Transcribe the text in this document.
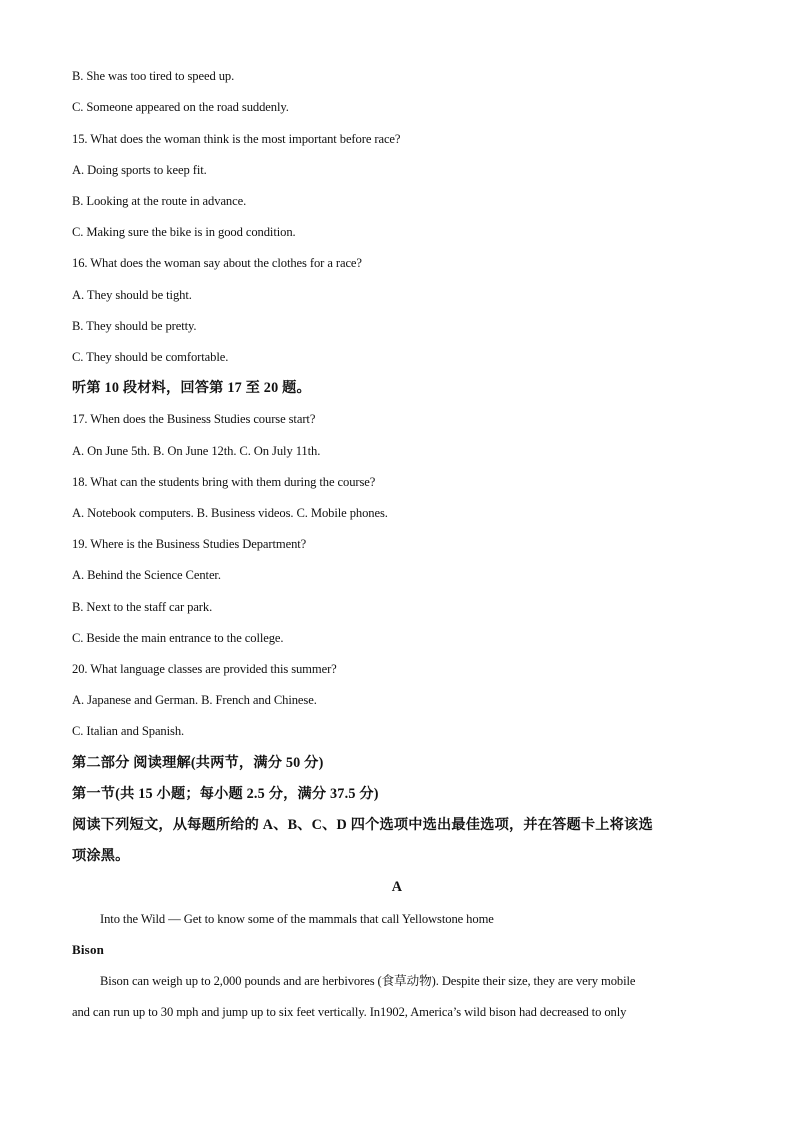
B. She was too tired to speed up.
C. Someone appeared on the road suddenly.
15. What does the woman think is the most important before race?
A. Doing sports to keep fit.
B. Looking at the route in advance.
C. Making sure the bike is in good condition.
16. What does the woman say about the clothes for a race?
A. They should be tight.
B. They should be pretty.
C. They should be comfortable.
听第 10 段材料，回答第 17 至 20 题。
17. When does the Business Studies course start?
A. On June 5th. B. On June 12th. C. On July 11th.
18. What can the students bring with them during the course?
A. Notebook computers. B. Business videos. C. Mobile phones.
19. Where is the Business Studies Department?
A. Behind the Science Center.
B. Next to the staff car park.
C. Beside the main entrance to the college.
20. What language classes are provided this summer?
A. Japanese and German. B. French and Chinese.
C. Italian and Spanish.
第二部分 阅读理解(共两节，满分 50 分)
第一节(共 15 小题；每小题 2.5 分，满分 37.5 分)
阅读下列短文，从每题所给的 A、B、C、D 四个选项中选出最佳选项，并在答题卡上将该选
项涂黑。
A
Into the Wild — Get to know some of the mammals that call Yellowstone home
Bison
Bison can weigh up to 2,000 pounds and are herbivores (食草动物). Despite their size, they are very mobile
and can run up to 30 mph and jump up to six feet vertically. In1902, America’s wild bison had decreased to only
